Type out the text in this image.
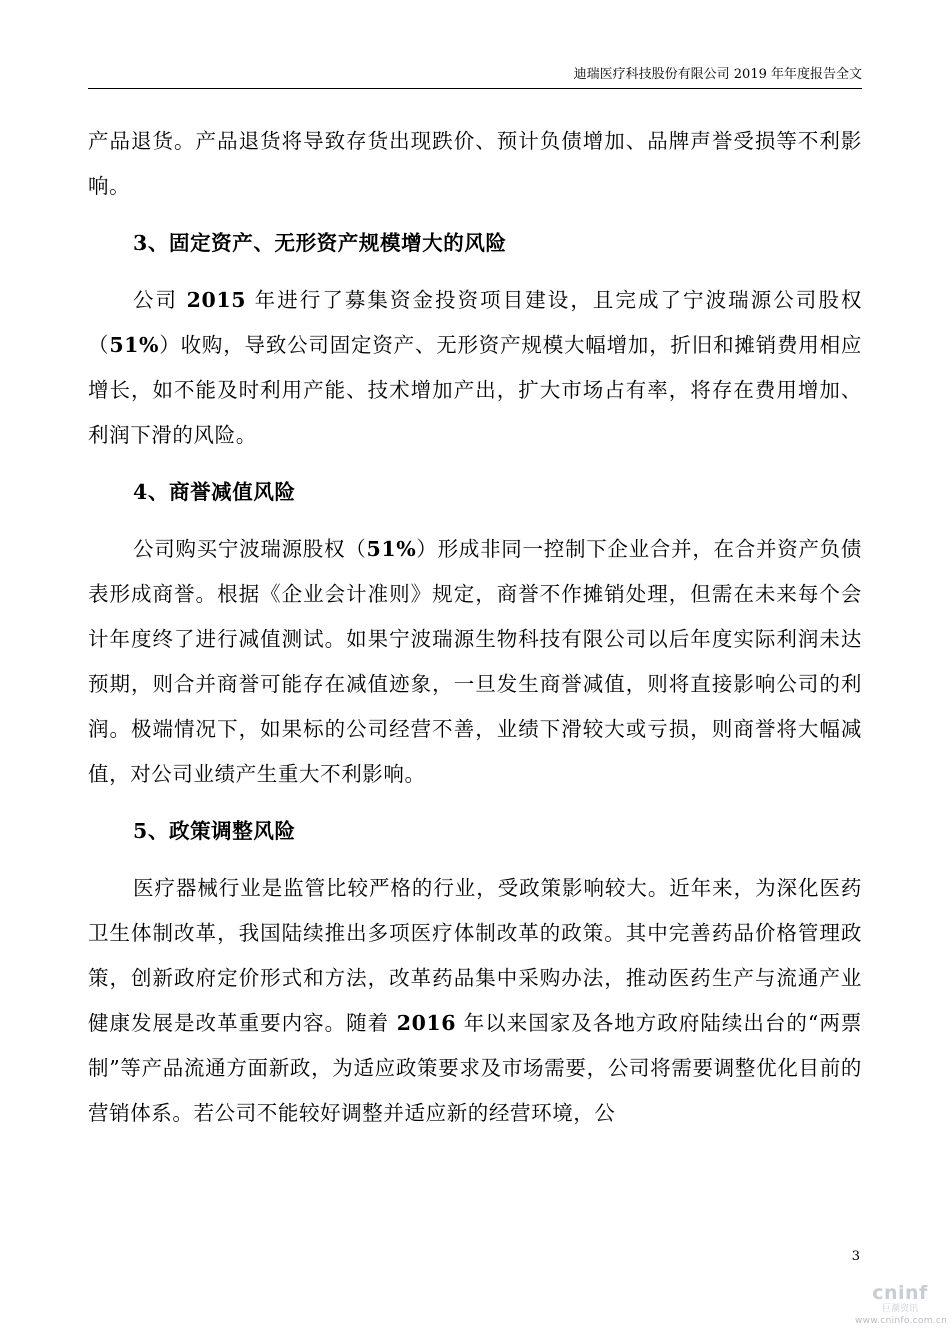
迪瑞医疗科技股份有限公司 2019 年年度报告全文

产品退货。产品退货将导致存货出现跌价、预计负债增加、品牌声誉受损等不利影响。

3、固定资产、无形资产规模增大的风险

公司 2015 年进行了募集资金投资项目建设，且完成了宁波瑞源公司股权（51%）收购，导致公司固定资产、无形资产规模大幅增加，折旧和摊销费用相应增长，如不能及时利用产能、技术增加产出，扩大市场占有率，将存在费用增加、利润下滑的风险。

4、商誉减值风险

公司购买宁波瑞源股权（51%）形成非同一控制下企业合并，在合并资产负债表形成商誉。根据《企业会计准则》规定，商誉不作摊销处理，但需在未来每个会计年度终了进行减值测试。如果宁波瑞源生物科技有限公司以后年度实际利润未达预期，则合并商誉可能存在减值迹象，一旦发生商誉减值，则将直接影响公司的利润。极端情况下，如果标的公司经营不善，业绩下滑较大或亏损，则商誉将大幅减值，对公司业绩产生重大不利影响。

5、政策调整风险

医疗器械行业是监管比较严格的行业，受政策影响较大。近年来，为深化医药卫生体制改革，我国陆续推出多项医疗体制改革的政策。其中完善药品价格管理政策，创新政府定价形式和方法，改革药品集中采购办法，推动医药生产与流通产业健康发展是改革重要内容。随着 2016 年以来国家及各地方政府陆续出台的“两票制”等产品流通方面新政，为适应政策要求及市场需要，公司将需要调整优化目前的营销体系。若公司不能较好调整并适应新的经营环境，公

3
cninf
巨潮资讯
www.cninfo.com.cn
